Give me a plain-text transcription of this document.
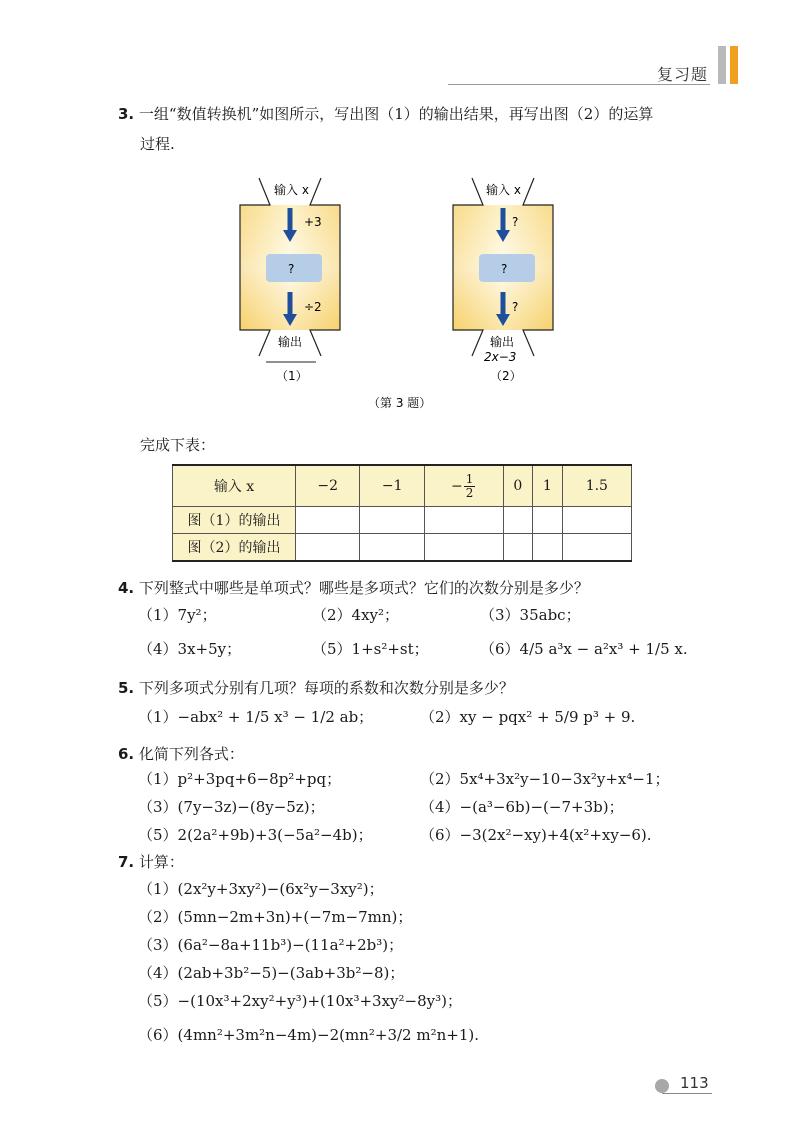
复习题
3. 一组“数值转换机”如图所示，写出图（1）的输出结果，再写出图（2）的运算
过程.
输入 x
+3
?
÷2
输出
（1）
输入 x
?
?
?
输出
2x−3
（2）
（第 3 题）
完成下表：
输入 x	−2	−1	− $\frac{1}{2}$	0	1	1.5
图（1）的输出						
图（2）的输出						
4. 下列整式中哪些是单项式？哪些是多项式？它们的次数分别是多少？
（1）7y²；	（2）4xy²；	（3）35abc；
（4）3x+5y；	（5）1+s²+st；	（6）4/5 a³x − a²x³ + 1/5 x.
5. 下列多项式分别有几项？每项的系数和次数分别是多少？
（1）−abx² + 1/5 x³ − 1/2 ab；	（2）xy − pqx² + 5/9 p³ + 9.
6. 化简下列各式：
（1）p²+3pq+6−8p²+pq；	（2）5x⁴+3x²y−10−3x²y+x⁴−1；
（3）(7y−3z)−(8y−5z)；	（4）−(a³−6b)−(−7+3b)；
（5）2(2a²+9b)+3(−5a²−4b)；	（6）−3(2x²−xy)+4(x²+xy−6).
7. 计算：
（1）(2x²y+3xy²)−(6x²y−3xy²)；
（2）(5mn−2m+3n)+(−7m−7mn)；
（3）(6a²−8a+11b³)−(11a²+2b³)；
（4）(2ab+3b²−5)−(3ab+3b²−8)；
（5）−(10x³+2xy²+y³)+(10x³+3xy²−8y³)；
（6）(4mn²+3m²n−4m)−2(mn²+3/2 m²n+1).
113
